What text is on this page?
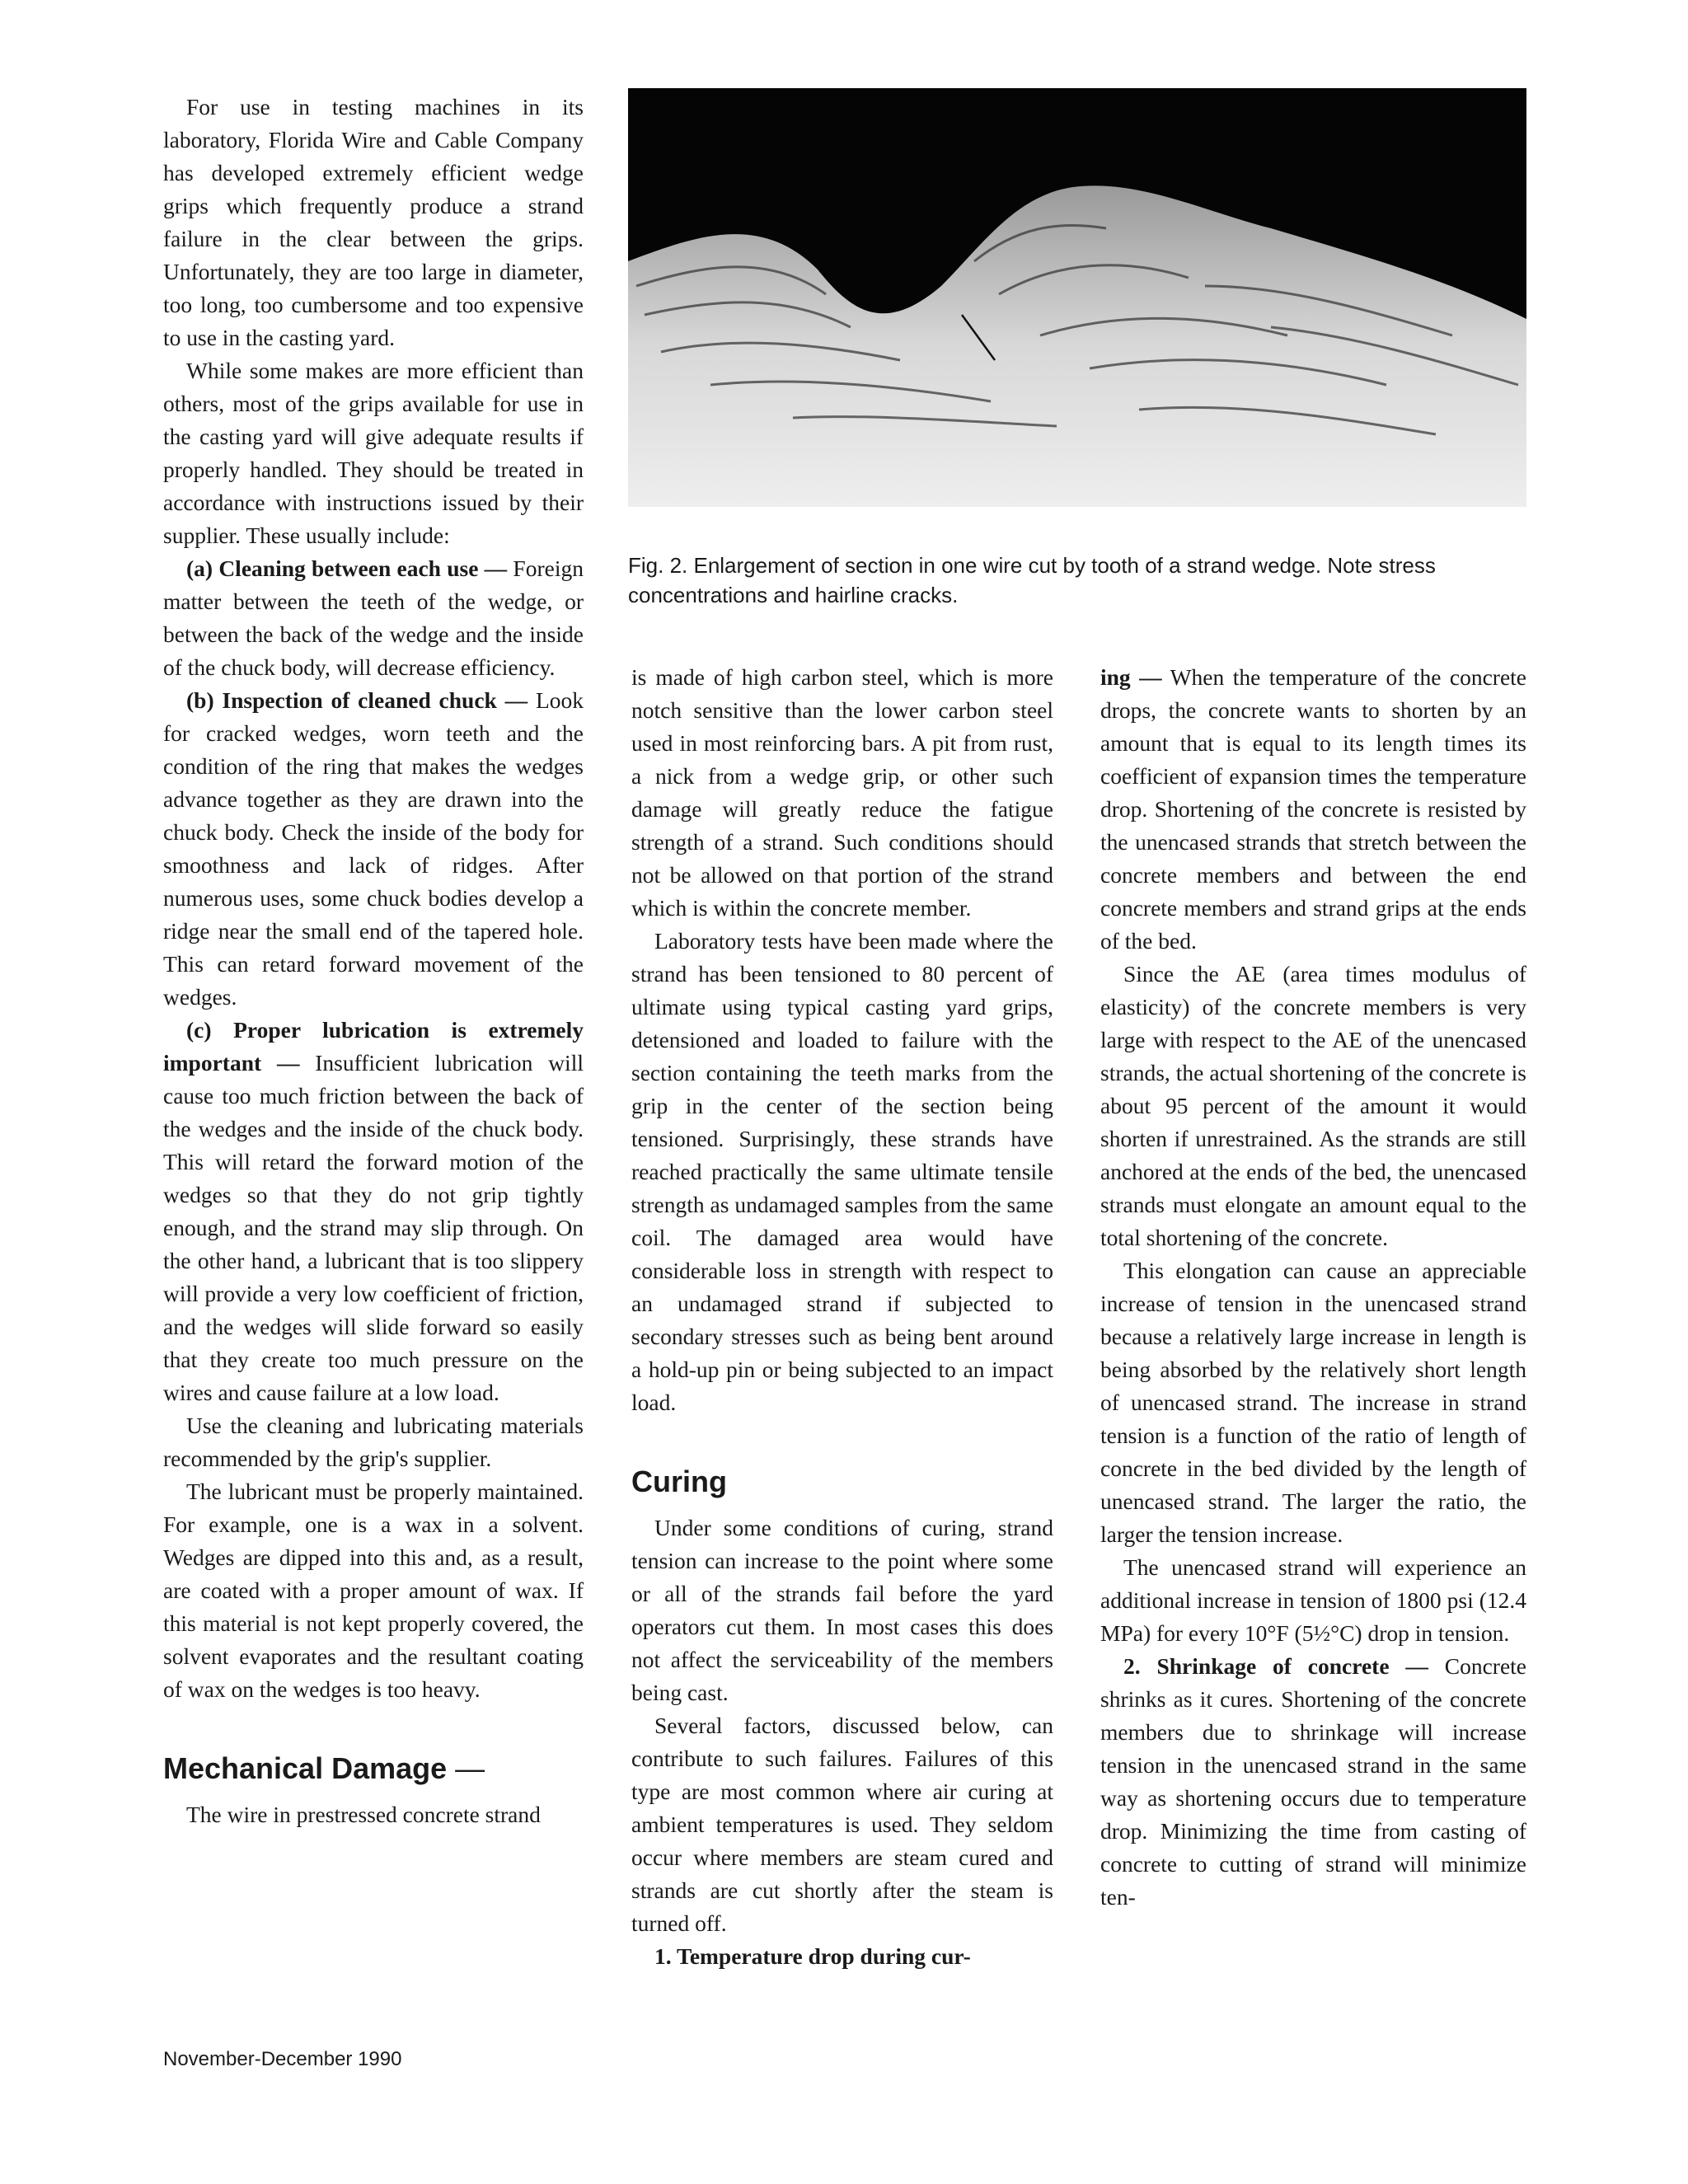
For use in testing machines in its laboratory, Florida Wire and Cable Company has developed extremely efficient wedge grips which frequently produce a strand failure in the clear between the grips. Unfortunately, they are too large in diameter, too long, too cumbersome and too expensive to use in the casting yard.

While some makes are more efficient than others, most of the grips available for use in the casting yard will give adequate results if properly handled. They should be treated in accordance with instructions issued by their supplier. These usually include:

(a) Cleaning between each use — Foreign matter between the teeth of the wedge, or between the back of the wedge and the inside of the chuck body, will decrease efficiency.

(b) Inspection of cleaned chuck — Look for cracked wedges, worn teeth and the condition of the ring that makes the wedges advance together as they are drawn into the chuck body. Check the inside of the body for smoothness and lack of ridges. After numerous uses, some chuck bodies develop a ridge near the small end of the tapered hole. This can retard forward movement of the wedges.

(c) Proper lubrication is extremely important — Insufficient lubrication will cause too much friction between the back of the wedges and the inside of the chuck body. This will retard the forward motion of the wedges so that they do not grip tightly enough, and the strand may slip through. On the other hand, a lubricant that is too slippery will provide a very low coefficient of friction, and the wedges will slide forward so easily that they create too much pressure on the wires and cause failure at a low load.

Use the cleaning and lubricating materials recommended by the grip's supplier.

The lubricant must be properly maintained. For example, one is a wax in a solvent. Wedges are dipped into this and, as a result, are coated with a proper amount of wax. If this material is not kept properly covered, the solvent evaporates and the resultant coating of wax on the wedges is too heavy.

Mechanical Damage —

The wire in prestressed concrete strand

Fig. 2. Enlargement of section in one wire cut by tooth of a strand wedge. Note stress concentrations and hairline cracks.

is made of high carbon steel, which is more notch sensitive than the lower carbon steel used in most reinforcing bars. A pit from rust, a nick from a wedge grip, or other such damage will greatly reduce the fatigue strength of a strand. Such conditions should not be allowed on that portion of the strand which is within the concrete member.

Laboratory tests have been made where the strand has been tensioned to 80 percent of ultimate using typical casting yard grips, detensioned and loaded to failure with the section containing the teeth marks from the grip in the center of the section being tensioned. Surprisingly, these strands have reached practically the same ultimate tensile strength as undamaged samples from the same coil. The damaged area would have considerable loss in strength with respect to an undamaged strand if subjected to secondary stresses such as being bent around a hold-up pin or being subjected to an impact load.

Curing

Under some conditions of curing, strand tension can increase to the point where some or all of the strands fail before the yard operators cut them. In most cases this does not affect the serviceability of the members being cast.

Several factors, discussed below, can contribute to such failures. Failures of this type are most common where air curing at ambient temperatures is used. They seldom occur where members are steam cured and strands are cut shortly after the steam is turned off.

1. Temperature drop during cur-

ing — When the temperature of the concrete drops, the concrete wants to shorten by an amount that is equal to its length times its coefficient of expansion times the temperature drop. Shortening of the concrete is resisted by the unencased strands that stretch between the concrete members and between the end concrete members and strand grips at the ends of the bed.

Since the AE (area times modulus of elasticity) of the concrete members is very large with respect to the AE of the unencased strands, the actual shortening of the concrete is about 95 percent of the amount it would shorten if unrestrained. As the strands are still anchored at the ends of the bed, the unencased strands must elongate an amount equal to the total shortening of the concrete.

This elongation can cause an appreciable increase of tension in the unencased strand because a relatively large increase in length is being absorbed by the relatively short length of unencased strand. The increase in strand tension is a function of the ratio of length of concrete in the bed divided by the length of unencased strand. The larger the ratio, the larger the tension increase.

The unencased strand will experience an additional increase in tension of 1800 psi (12.4 MPa) for every 10°F (5½°C) drop in tension.

2. Shrinkage of concrete — Concrete shrinks as it cures. Shortening of the concrete members due to shrinkage will increase tension in the unencased strand in the same way as shortening occurs due to temperature drop. Minimizing the time from casting of concrete to cutting of strand will minimize ten-

November-December 1990
